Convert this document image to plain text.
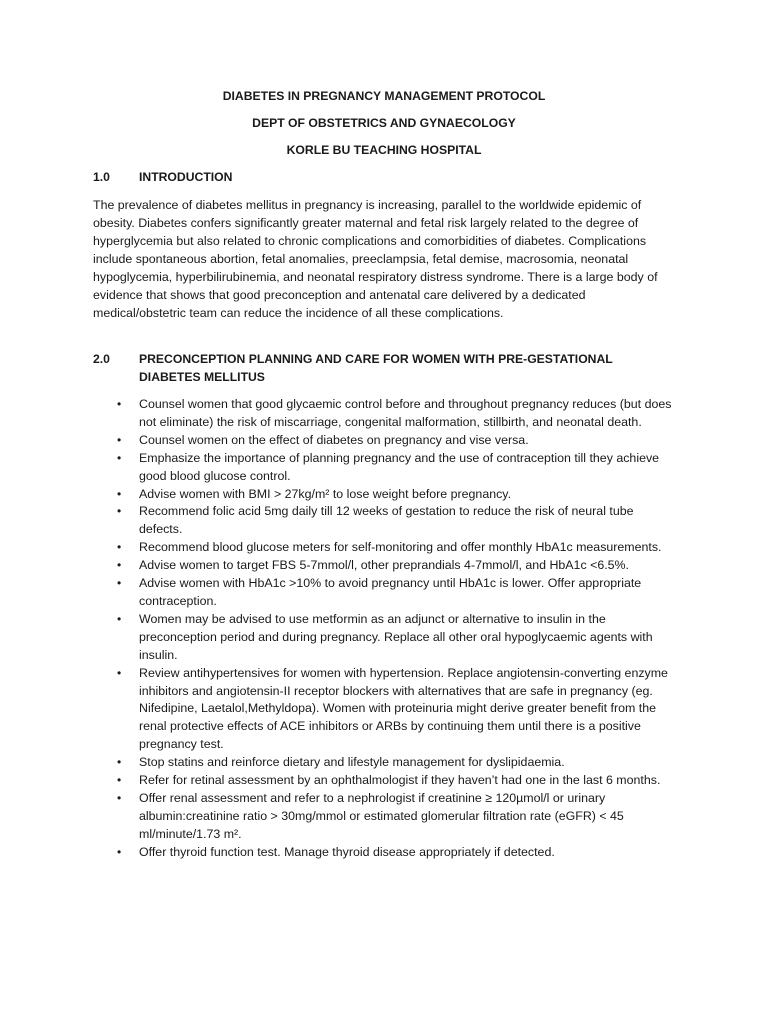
DIABETES IN PREGNANCY MANAGEMENT PROTOCOL

DEPT OF OBSTETRICS AND GYNAECOLOGY

KORLE BU TEACHING HOSPITAL

1.0	INTRODUCTION

The prevalence of diabetes mellitus in pregnancy is increasing, parallel to the worldwide epidemic of obesity. Diabetes confers significantly greater maternal and fetal risk largely related to the degree of hyperglycemia but also related to chronic complications and comorbidities of diabetes. Complications include spontaneous abortion, fetal anomalies, preeclampsia, fetal demise, macrosomia, neonatal hypoglycemia, hyperbilirubinemia, and neonatal respiratory distress syndrome. There is a large body of evidence that shows that good preconception and antenatal care delivered by a dedicated medical/obstetric team can reduce the incidence of all these complications.

2.0	PRECONCEPTION PLANNING AND CARE FOR WOMEN WITH PRE-GESTATIONAL DIABETES MELLITUS
• Counsel women that good glycaemic control before and throughout pregnancy reduces (but does not eliminate) the risk of miscarriage, congenital malformation, stillbirth, and neonatal death.
• Counsel women on the effect of diabetes on pregnancy and vise versa.
• Emphasize the importance of planning pregnancy and the use of contraception till they achieve good blood glucose control.
• Advise women with BMI > 27kg/m² to lose weight before pregnancy.
• Recommend folic acid 5mg daily till 12 weeks of gestation to reduce the risk of neural tube defects.
• Recommend blood glucose meters for self-monitoring and offer monthly HbA1c measurements.
• Advise women to target FBS 5-7mmol/l, other preprandials 4-7mmol/l, and HbA1c <6.5%.
• Advise women with HbA1c >10% to avoid pregnancy until HbA1c is lower. Offer appropriate contraception.
• Women may be advised to use metformin as an adjunct or alternative to insulin in the preconception period and during pregnancy. Replace all other oral hypoglycaemic agents with insulin.
• Review antihypertensives for women with hypertension. Replace angiotensin-converting enzyme inhibitors and angiotensin-II receptor blockers with alternatives that are safe in pregnancy (eg. Nifedipine, Laetalol,Methyldopa). Women with proteinuria might derive greater benefit from the renal protective effects of ACE inhibitors or ARBs by continuing them until there is a positive pregnancy test.
• Stop statins and reinforce dietary and lifestyle management for dyslipidaemia.
• Refer for retinal assessment by an ophthalmologist if they haven’t had one in the last 6 months.
• Offer renal assessment and refer to a nephrologist if creatinine ≥ 120µmol/l or urinary albumin:creatinine ratio > 30mg/mmol or estimated glomerular filtration rate (eGFR) < 45 ml/minute/1.73 m².
• Offer thyroid function test. Manage thyroid disease appropriately if detected.
